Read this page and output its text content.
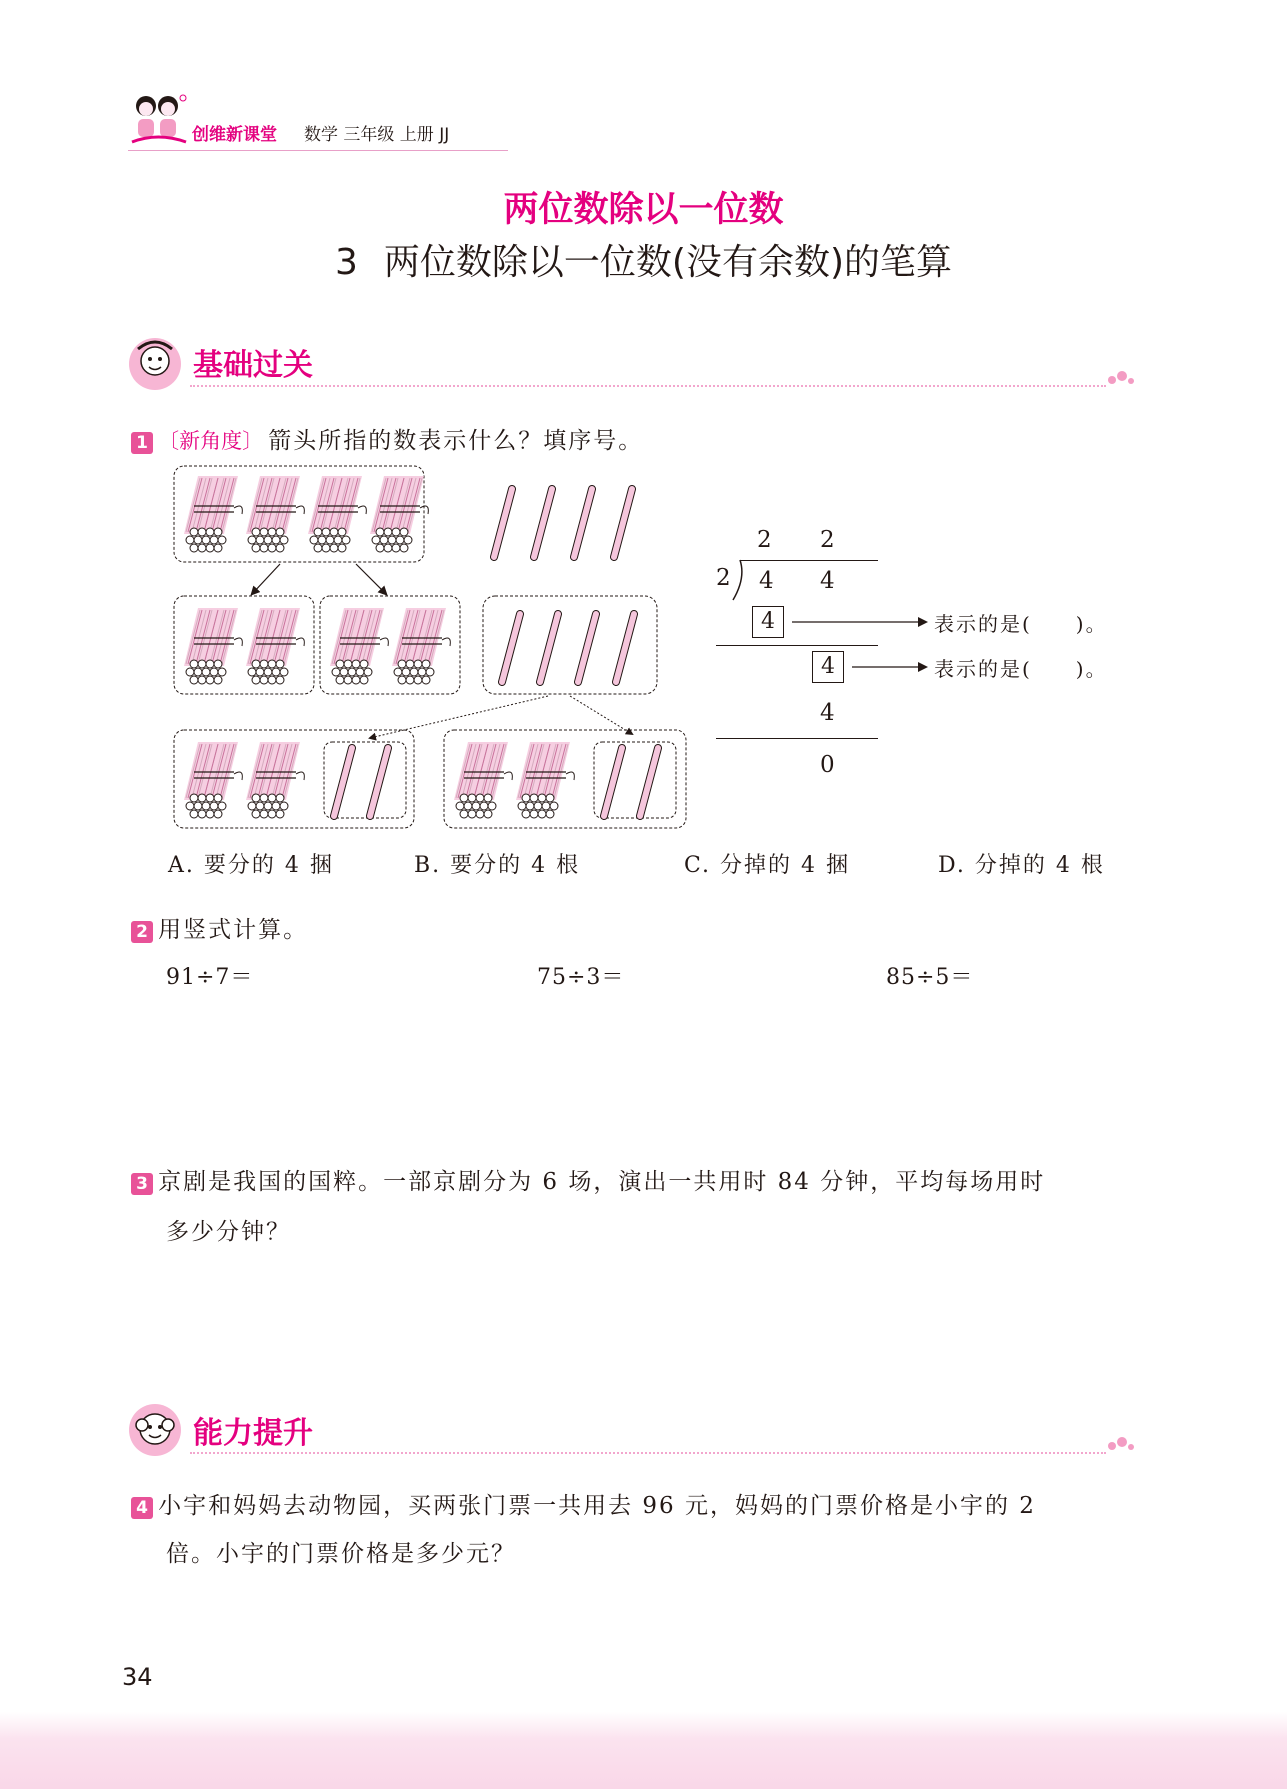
创维新课堂 数学 三年级 上册 JJ
两位数除以一位数
3 两位数除以一位数(没有余数)的笔算
基础过关
1 〔新角度〕 箭头所指的数表示什么？填序号。
2 2
2 4 4
4	表示的是(　　)。
4	表示的是(　　)。
4
0
A. 要分的 4 捆	B. 要分的 4 根	C. 分掉的 4 捆	D. 分掉的 4 根
2 用竖式计算。
91÷7＝	75÷3＝	85÷5＝
3 京剧是我国的国粹。一部京剧分为 6 场，演出一共用时 84 分钟，平均每场用时
多少分钟？
能力提升
4 小宇和妈妈去动物园，买两张门票一共用去 96 元，妈妈的门票价格是小宇的 2
倍。小宇的门票价格是多少元？
34
